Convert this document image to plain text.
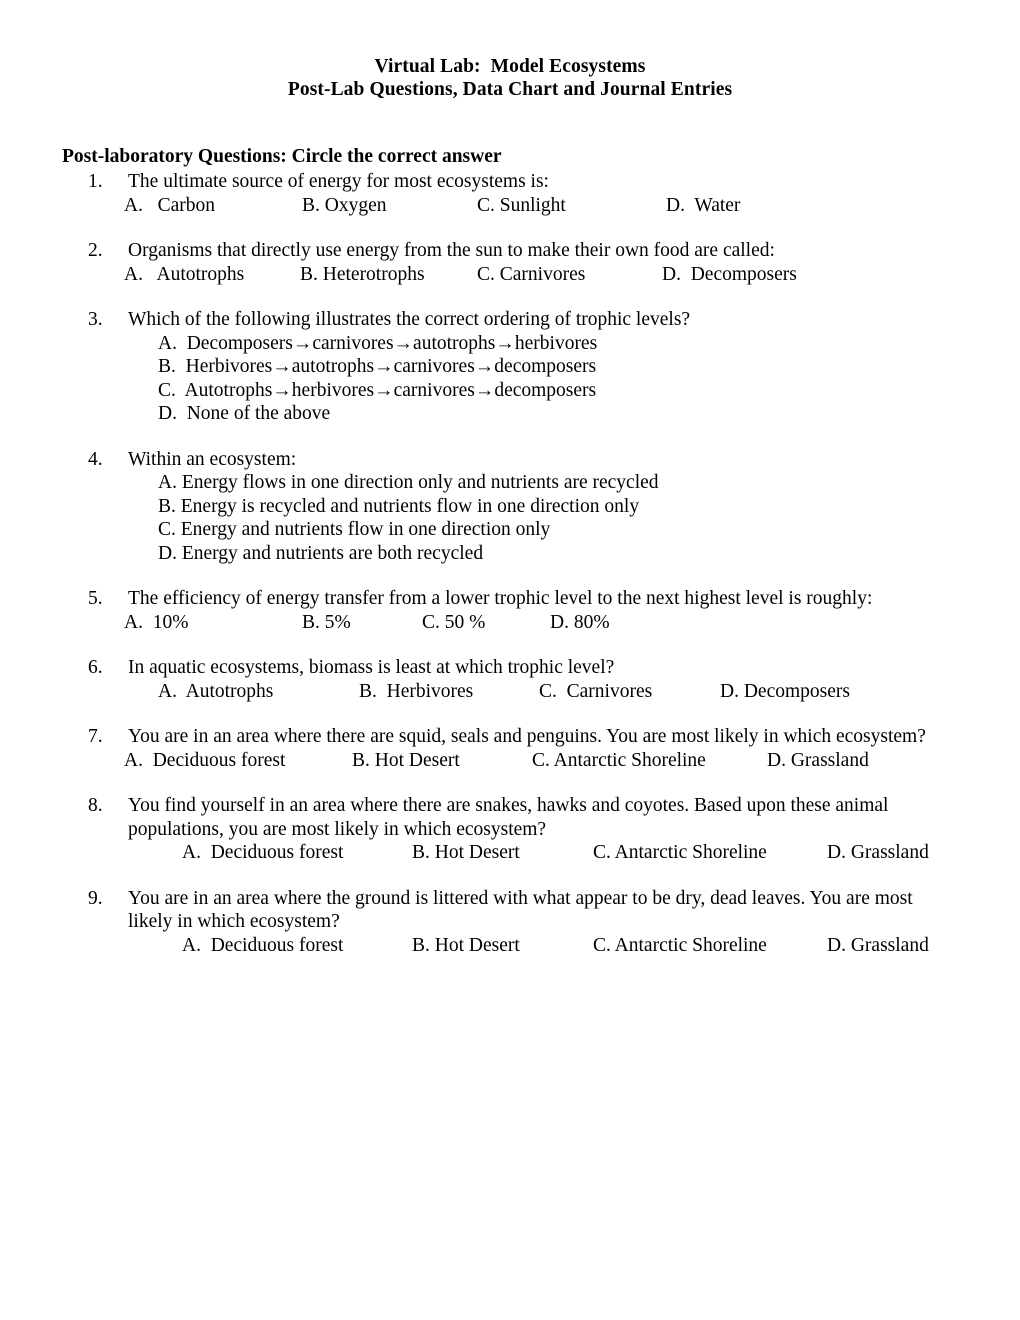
Virtual Lab:  Model Ecosystems
Post-Lab Questions, Data Chart and Journal Entries
Post-laboratory Questions: Circle the correct answer
1.	The ultimate source of energy for most ecosystems is:
A.   Carbon	B. Oxygen	C. Sunlight	D.  Water
2.	Organisms that directly use energy from the sun to make their own food are called:
A.   Autotrophs	B. Heterotrophs	C. Carnivores	D.  Decomposers
3.	Which of the following illustrates the correct ordering of trophic levels?
A.  Decomposers→carnivores→autotrophs→herbivores
B.  Herbivores→autotrophs→carnivores→decomposers
C.  Autotrophs→herbivores→carnivores→decomposers
D.  None of the above
4.	Within an ecosystem:
A. Energy flows in one direction only and nutrients are recycled
B. Energy is recycled and nutrients flow in one direction only
C. Energy and nutrients flow in one direction only
D. Energy and nutrients are both recycled
5.	The efficiency of energy transfer from a lower trophic level to the next highest level is roughly:
A.  10%	B. 5%	C. 50 %	D. 80%
6.	In aquatic ecosystems, biomass is least at which trophic level?
A.  Autotrophs	B.  Herbivores	C.  Carnivores	D. Decomposers
7.	You are in an area where there are squid, seals and penguins. You are most likely in which ecosystem?
A.  Deciduous forest	B. Hot Desert	C. Antarctic Shoreline	D. Grassland
8.	You find yourself in an area where there are snakes, hawks and coyotes. Based upon these animal
populations, you are most likely in which ecosystem?
A.  Deciduous forest	B. Hot Desert	C. Antarctic Shoreline	D. Grassland
9.	You are in an area where the ground is littered with what appear to be dry, dead leaves. You are most
likely in which ecosystem?
A.  Deciduous forest	B. Hot Desert	C. Antarctic Shoreline	D. Grassland
